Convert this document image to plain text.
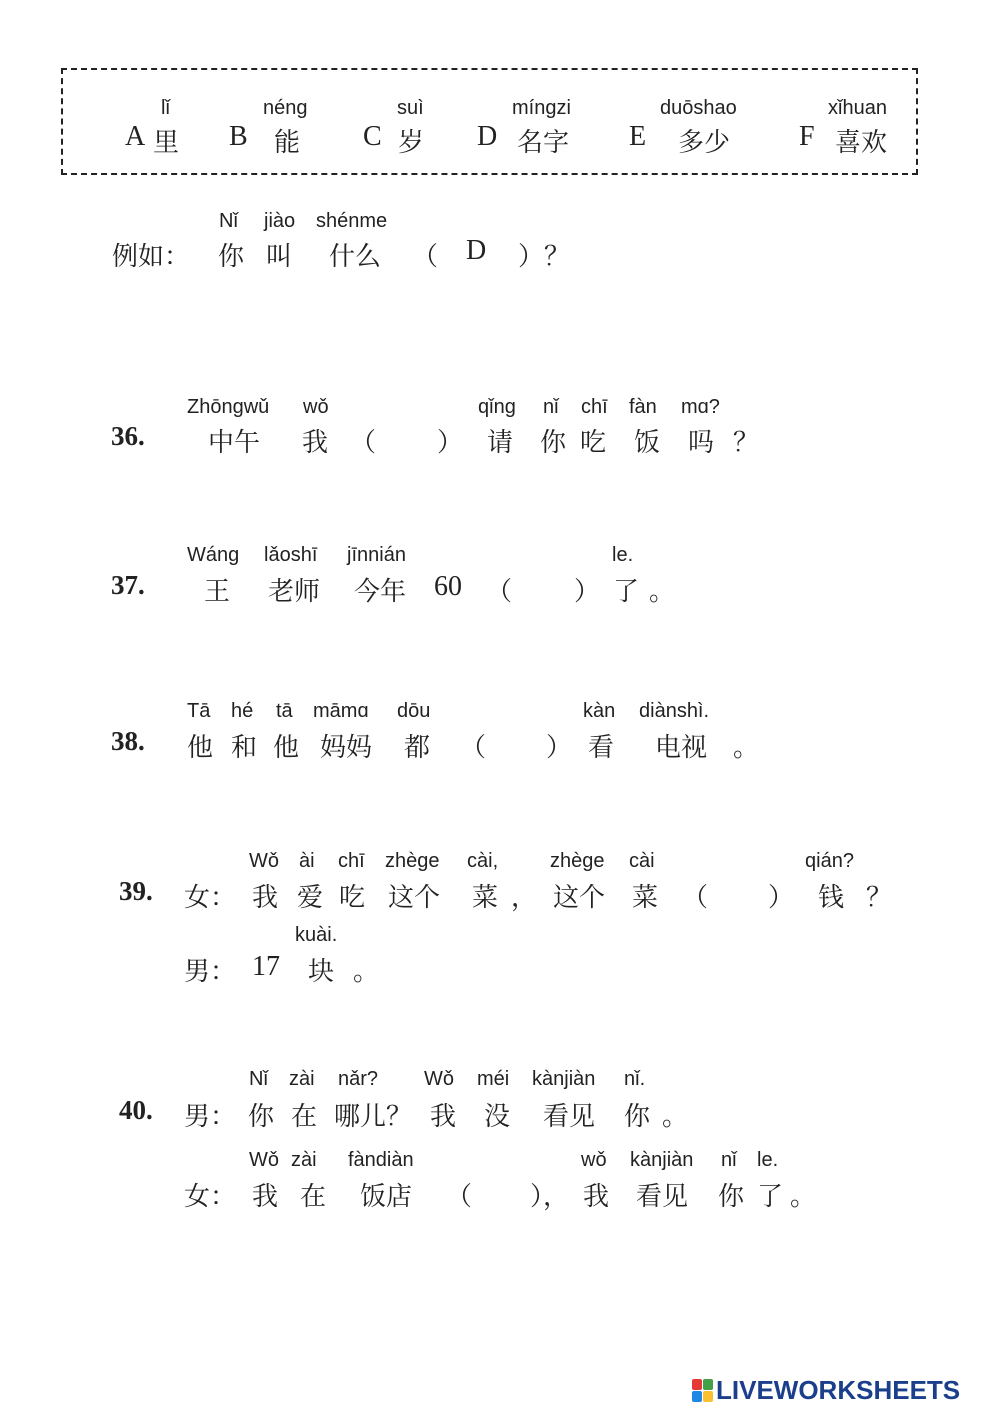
lǐ	néng	suì	míngzi	duōshao	xǐhuan
A 里 B 能 C 岁 D 名字 E 多少 F 喜欢
Nǐ jiào shénme
例如： 你 叫 什么 （ D ）？
Zhōngwǔ wǒ	qǐng nǐ chī fàn mɑ?
36. 中午 我 （ ） 请 你 吃 饭 吗 ？
Wáng lǎoshī jīnnián	le.
37. 王 老师 今年 60 （ ） 了 。
Tā hé tā māmɑ dōu	kàn diànshì.
38. 他 和 他 妈妈 都 （ ） 看 电视 。
Wǒ ài chī zhège cài,	zhège cài	qián?
39. 女： 我 爱 吃 这个 菜 ， 这个 菜 （ ） 钱 ？
kuài.
男： 17 块 。
Nǐ zài nǎr? Wǒ méi kànjiàn nǐ.
40. 男： 你 在 哪儿？ 我 没 看见 你 。
Wǒ zài fàndiàn	wǒ kànjiàn nǐ le.
女： 我 在 饭店 （ ）， 我 看见 你 了 。
LIVEWORKSHEETS
